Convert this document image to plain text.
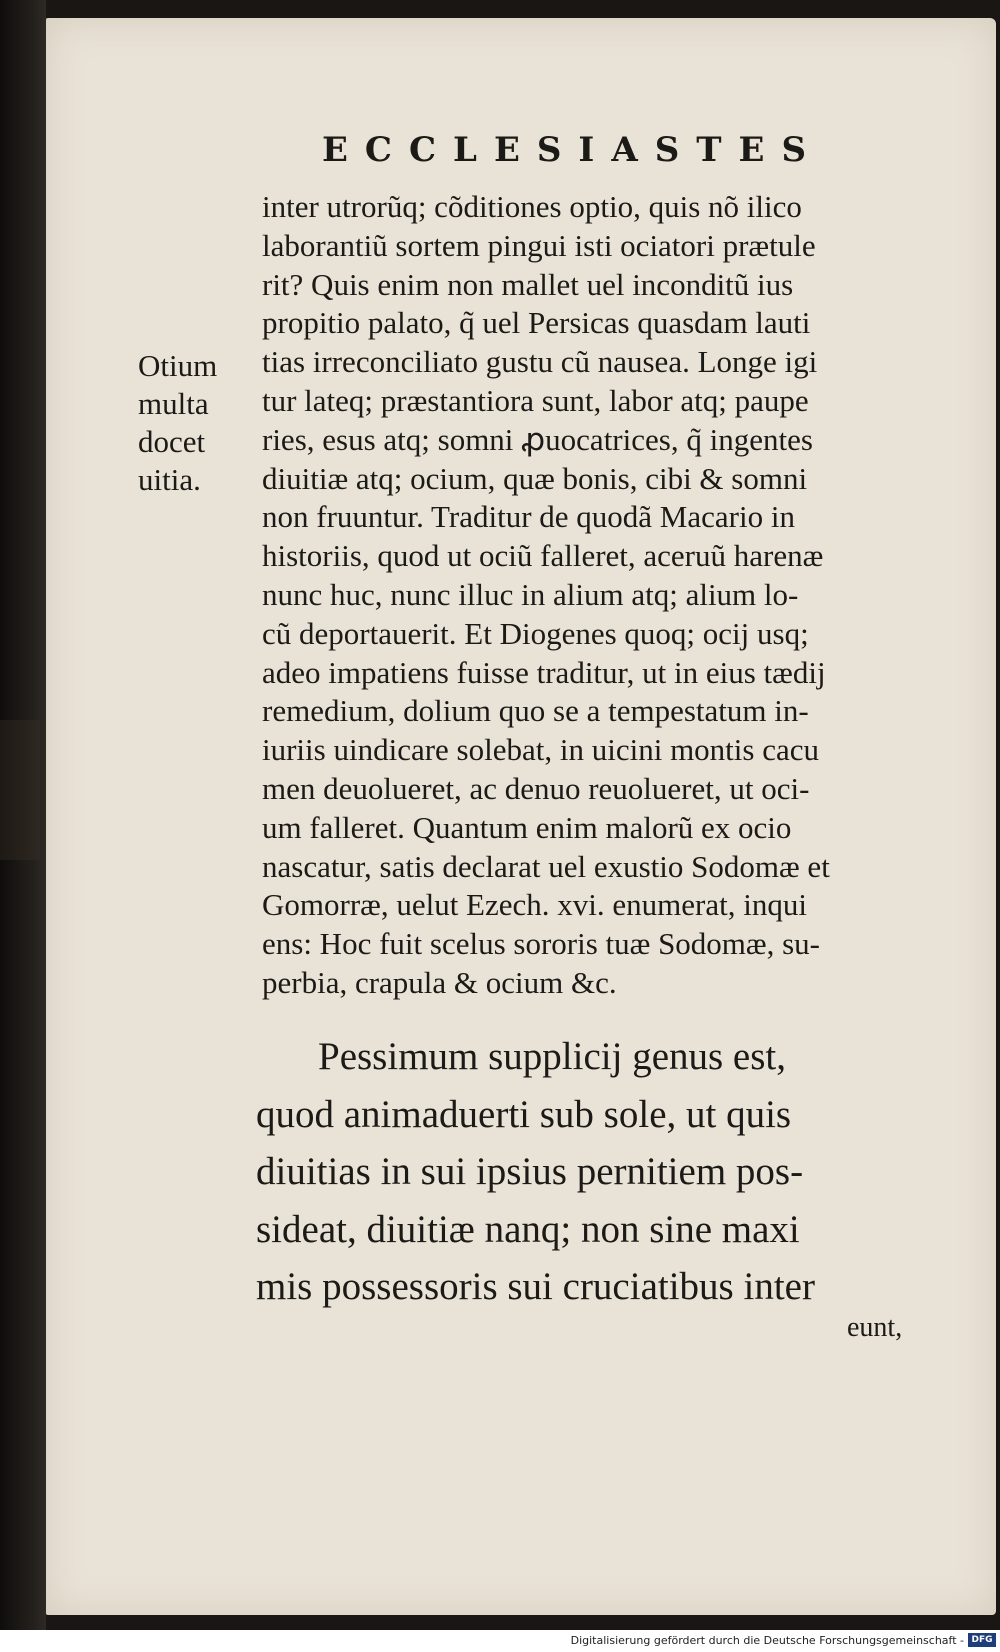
ECCLESIASTES
Otium
multa
docet
uitia.
inter utrorũq; cõditiones optio, quis nõ ilico
laborantiũ sortem pingui isti ociatori prætule
rit? Quis enim non mallet uel inconditũ ius
propitio palato, q̃ uel Persicas quasdam lauti
tias irreconciliato gustu cũ nausea. Longe igi
tur lateq; præstantiora sunt, labor atq; paupe
ries, esus atq; somni ꝓuocatrices, q̃ ingentes
diuitiæ atq; ocium, quæ bonis, cibi & somni
non fruuntur. Traditur de quodã Macario in
historiis, quod ut ociũ falleret, aceruũ harenæ
nunc huc, nunc illuc in alium atq; alium lo-
cũ deportauerit. Et Diogenes quoq; ocij usq;
adeo impatiens fuisse traditur, ut in eius tædij
remedium, dolium quo se a tempestatum in-
iuriis uindicare solebat, in uicini montis cacu
men deuolueret, ac denuo reuolueret, ut oci-
um falleret. Quantum enim malorũ ex ocio
nascatur, satis declarat uel exustio Sodomæ et
Gomorræ, uelut Ezech. xvi. enumerat, inqui
ens: Hoc fuit scelus sororis tuæ Sodomæ, su-
perbia, crapula & ocium &c.
Pessimum supplicij genus est,
quod animaduerti sub sole, ut quis
diuitias in sui ipsius pernitiem pos-
sideat, diuitiæ nanq; non sine maxi
mis possessoris sui cruciatibus inter
eunt,
Digitalisierung gefördert durch die Deutsche Forschungsgemeinschaft - DFG
